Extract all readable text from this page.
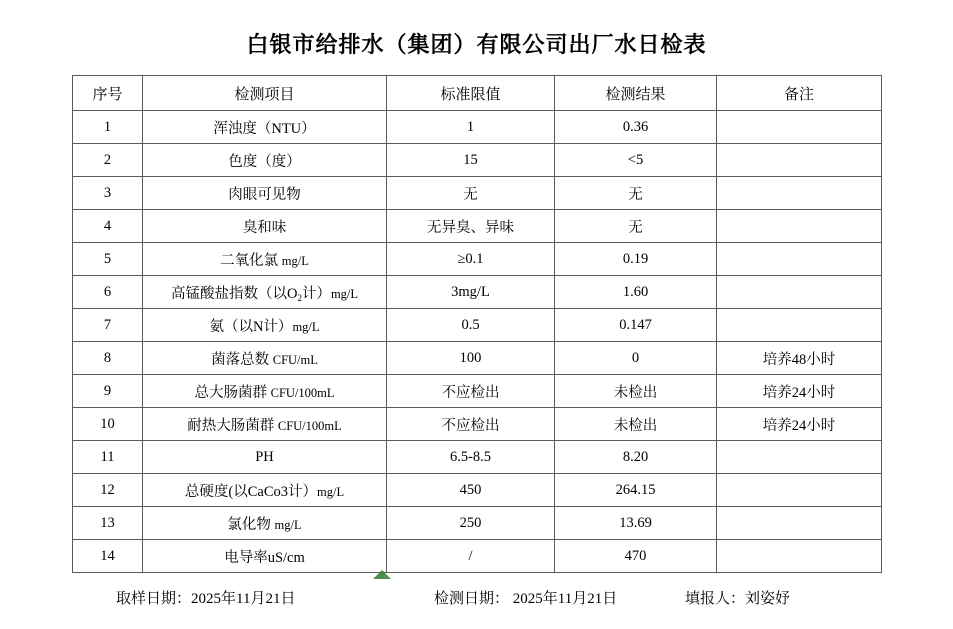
白银市给排水（集团）有限公司出厂水日检表
序号	检测项目	标准限值	检测结果	备注
1	浑浊度（NTU）	1	0.36	
2	色度（度）	15	<5	
3	肉眼可见物	无	无	
4	臭和味	无异臭、异味	无	
5	二氧化氯 mg/L	≥0.1	0.19	
6	高锰酸盐指数（以$O_2$计）mg/L	3mg/L	1.60	
7	氨（以N计）mg/L	0.5	0.147	
8	菌落总数 CFU/mL	100	0	培养48小时
9	总大肠菌群 CFU/100mL	不应检出	未检出	培养24小时
10	耐热大肠菌群 CFU/100mL	不应检出	未检出	培养24小时
11	PH	6.5-8.5	8.20	
12	总硬度(以CaCo3计）mg/L	450	264.15	
13	氯化物 mg/L	250	13.69	
14	电导率uS/cm	/	470	
取样日期：2025年11月21日	检测日期： 2025年11月21日	填报人：刘姿妤
